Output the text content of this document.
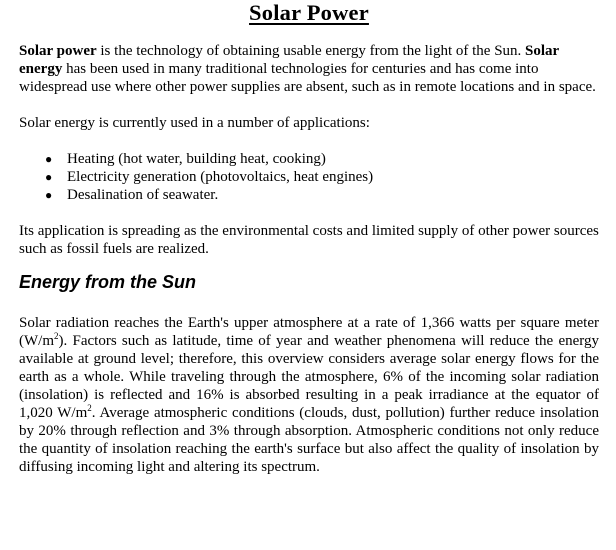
Solar Power

Solar power is the technology of obtaining usable energy from the light of the Sun. Solar energy has been used in many traditional technologies for centuries and has come into widespread use where other power supplies are absent, such as in remote locations and in space.

Solar energy is currently used in a number of applications:

● Heating (hot water, building heat, cooking)
● Electricity generation (photovoltaics, heat engines)
● Desalination of seawater.

Its application is spreading as the environmental costs and limited supply of other power sources such as fossil fuels are realized.

Energy from the Sun

Solar radiation reaches the Earth's upper atmosphere at a rate of 1,366 watts per square meter $(W/m^2)$. Factors such as latitude, time of year and weather phenomena will reduce the energy available at ground level; therefore, this overview considers average solar energy flows for the earth as a whole. While traveling through the atmosphere, 6% of the incoming solar radiation (insolation) is reflected and 16% is absorbed resulting in a peak irradiance at the equator of 1,020 $W/m^2$. Average atmospheric conditions (clouds, dust, pollution) further reduce insolation by 20% through reflection and 3% through absorption. Atmospheric conditions not only reduce the quantity of insolation reaching the earth's surface but also affect the quality of insolation by diffusing incoming light and altering its spectrum.
